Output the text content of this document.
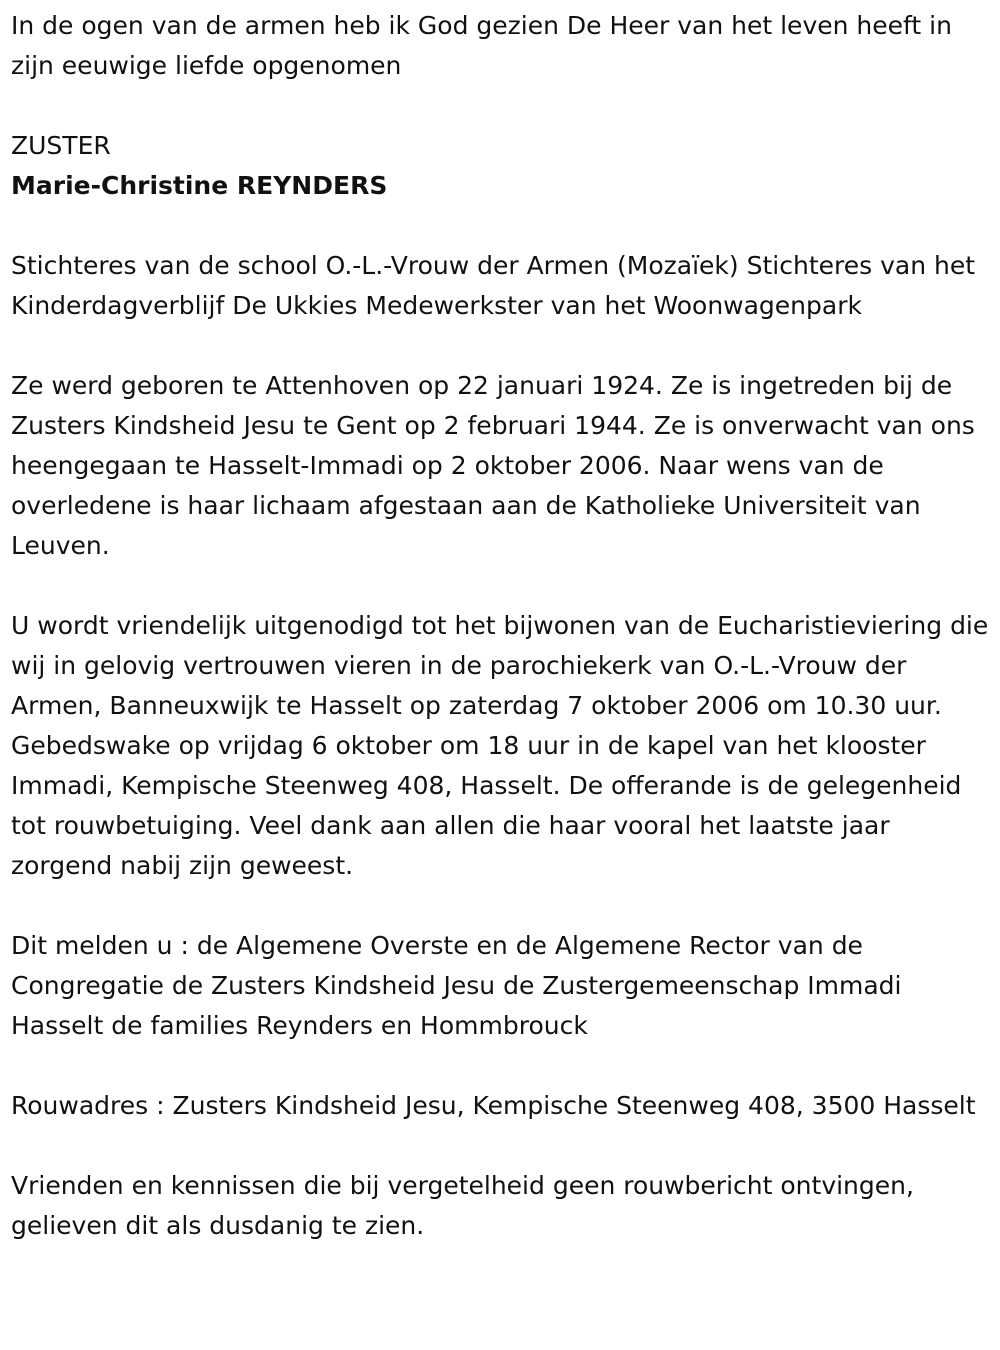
In de ogen van de armen heb ik God gezien De Heer van het leven heeft in zijn eeuwige liefde opgenomen

ZUSTER

Marie-Christine REYNDERS

Stichteres van de school O.-L.-Vrouw der Armen (Mozaïek) Stichteres van het Kinderdagverblijf De Ukkies Medewerkster van het Woonwagenpark

Ze werd geboren te Attenhoven op 22 januari 1924. Ze is ingetreden bij de Zusters Kindsheid Jesu te Gent op 2 februari 1944. Ze is onverwacht van ons heengegaan te Hasselt-Immadi op 2 oktober 2006. Naar wens van de overledene is haar lichaam afgestaan aan de Katholieke Universiteit van Leuven.

U wordt vriendelijk uitgenodigd tot het bijwonen van de Eucharistieviering die wij in gelovig vertrouwen vieren in de parochiekerk van O.-L.-Vrouw der Armen, Banneuxwijk te Hasselt op zaterdag 7 oktober 2006 om 10.30 uur. Gebedswake op vrijdag 6 oktober om 18 uur in de kapel van het klooster Immadi, Kempische Steenweg 408, Hasselt. De offerande is de gelegenheid tot rouwbetuiging. Veel dank aan allen die haar vooral het laatste jaar zorgend nabij zijn geweest.

Dit melden u : de Algemene Overste en de Algemene Rector van de Congregatie de Zusters Kindsheid Jesu de Zustergemeenschap Immadi Hasselt de families Reynders en Hommbrouck

Rouwadres : Zusters Kindsheid Jesu, Kempische Steenweg 408, 3500 Hasselt

Vrienden en kennissen die bij vergetelheid geen rouwbericht ontvingen, gelieven dit als dusdanig te zien.
